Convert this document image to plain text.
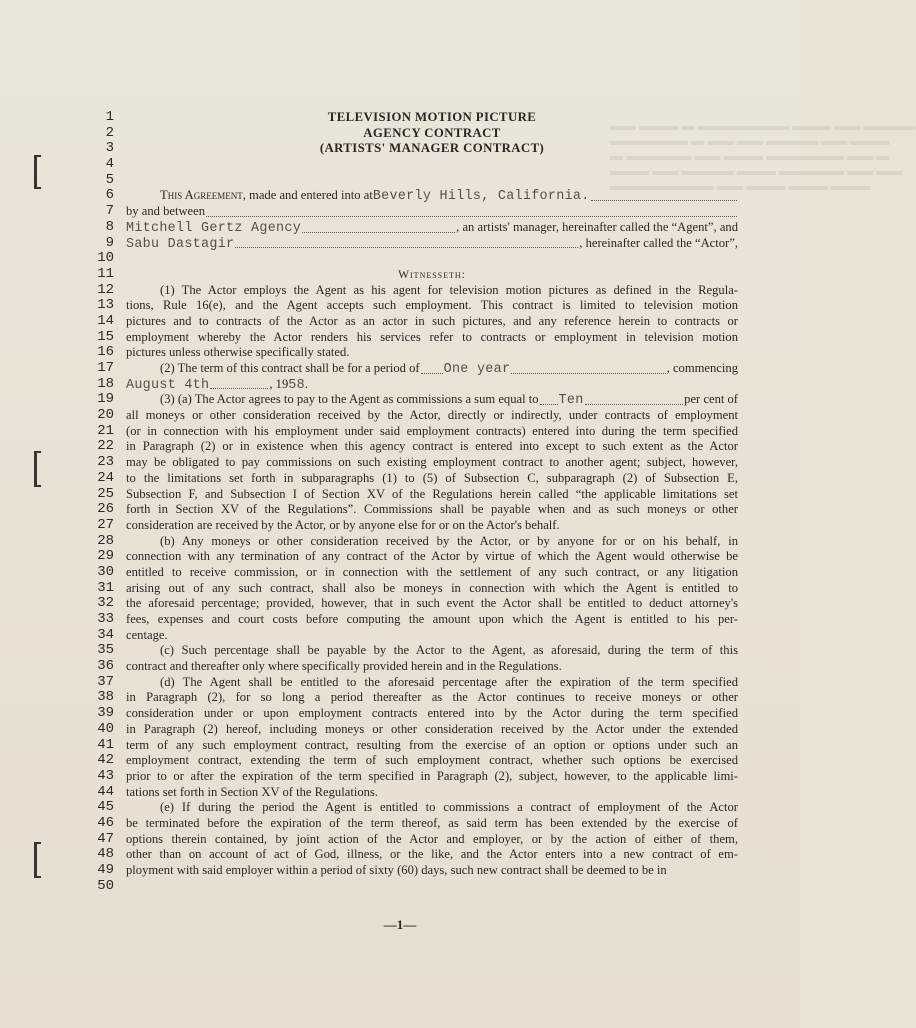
▬▬ ▬▬▬ ▬ ▬▬▬▬▬▬▬ ▬▬▬ ▬▬ ▬▬▬▬
▬▬▬▬▬▬ ▬ ▬▬ ▬▬ ▬▬▬▬ ▬▬ ▬▬▬
▬ ▬▬▬▬▬ ▬▬ ▬▬▬ ▬▬▬▬▬▬ ▬▬ ▬
▬▬▬ ▬▬ ▬▬▬▬ ▬▬▬ ▬▬▬▬▬ ▬▬ ▬▬
▬▬▬▬▬▬▬▬ ▬▬ ▬▬▬ ▬▬▬ ▬▬▬
1
2
3
4
5
6
7
8
9
10
11
12
13
14
15
16
17
18
19
20
21
22
23
24
25
26
27
28
29
30
31
32
33
34
35
36
37
38
39
40
41
42
43
44
45
46
47
48
49
50
TELEVISION MOTION PICTURE
AGENCY CONTRACT
(ARTISTS' MANAGER CONTRACT)
This Agreement , made and entered into at Beverly Hills, California.
by and between
Mitchell Gertz Agency	, an artists' manager, hereinafter called the “Agent”, and
Sabu Dastagir	, hereinafter called the “Actor”,
Witnesseth:
(1) The Actor employs the Agent as his agent for television motion pictures as defined in the Regula-
tions, Rule 16(e), and the Agent accepts such employment. This contract is limited to television motion
pictures and to contracts of the Actor as an actor in such pictures, and any reference herein to contracts or
employment whereby the Actor renders his services refer to contracts or employment in television motion
pictures unless otherwise specifically stated.
(2) The term of this contract shall be for a period of One year	, commencing
August 4th	, 19 58 .
(3) (a) The Actor agrees to pay to the Agent as commissions a sum equal to Ten	per cent of
all moneys or other consideration received by the Actor, directly or indirectly, under contracts of employment
(or in connection with his employment under said employment contracts) entered into during the term specified
in Paragraph (2) or in existence when this agency contract is entered into except to such extent as the Actor
may be obligated to pay commissions on such existing employment contract to another agent; subject, however,
to the limitations set forth in subparagraphs (1) to (5) of Subsection C, subparagraph (2) of Subsection E,
Subsection F, and Subsection I of Section XV of the Regulations herein called “the applicable limitations set
forth in Section XV of the Regulations”. Commissions shall be payable when and as such moneys or other
consideration are received by the Actor, or by anyone else for or on the Actor's behalf.
(b) Any moneys or other consideration received by the Actor, or by anyone for or on his behalf, in
connection with any termination of any contract of the Actor by virtue of which the Agent would otherwise be
entitled to receive commission, or in connection with the settlement of any such contract, or any litigation
arising out of any such contract, shall also be moneys in connection with which the Agent is entitled to
the aforesaid percentage; provided, however, that in such event the Actor shall be entitled to deduct attorney's
fees, expenses and court costs before computing the amount upon which the Agent is entitled to his per-
centage.
(c) Such percentage shall be payable by the Actor to the Agent, as aforesaid, during the term of this
contract and thereafter only where specifically provided herein and in the Regulations.
(d) The Agent shall be entitled to the aforesaid percentage after the expiration of the term specified
in Paragraph (2), for so long a period thereafter as the Actor continues to receive moneys or other
consideration under or upon employment contracts entered into by the Actor during the term specified
in Paragraph (2) hereof, including moneys or other consideration received by the Actor under the extended
term of any such employment contract, resulting from the exercise of an option or options under such an
employment contract, extending the term of such employment contract, whether such options be exercised
prior to or after the expiration of the term specified in Paragraph (2), subject, however, to the applicable limi-
tations set forth in Section XV of the Regulations.
(e) If during the period the Agent is entitled to commissions a contract of employment of the Actor
be terminated before the expiration of the term thereof, as said term has been extended by the exercise of
options therein contained, by joint action of the Actor and employer, or by the action of either of them,
other than on account of act of God, illness, or the like, and the Actor enters into a new contract of em-
ployment with said employer within a period of sixty (60) days, such new contract shall be deemed to be in
—1—
